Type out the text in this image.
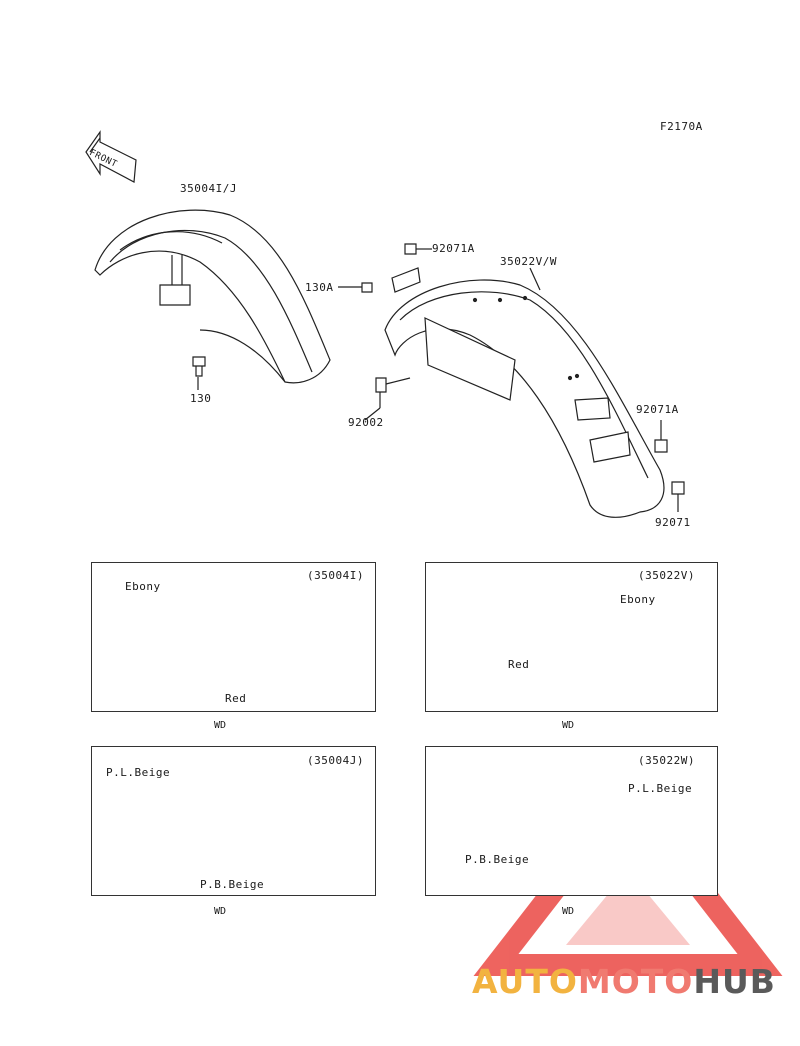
F2170A
FRONT
35004I/J
130
92071A
35022V/W
130A
92002
92071A
92071
(35004I)
Ebony
Red
WD
(35022V)
Ebony
Red
WD
(35004J)
P.L.Beige
P.B.Beige
WD
(35022W)
P.L.Beige
P.B.Beige
WD
AUTOMOTOHUB
